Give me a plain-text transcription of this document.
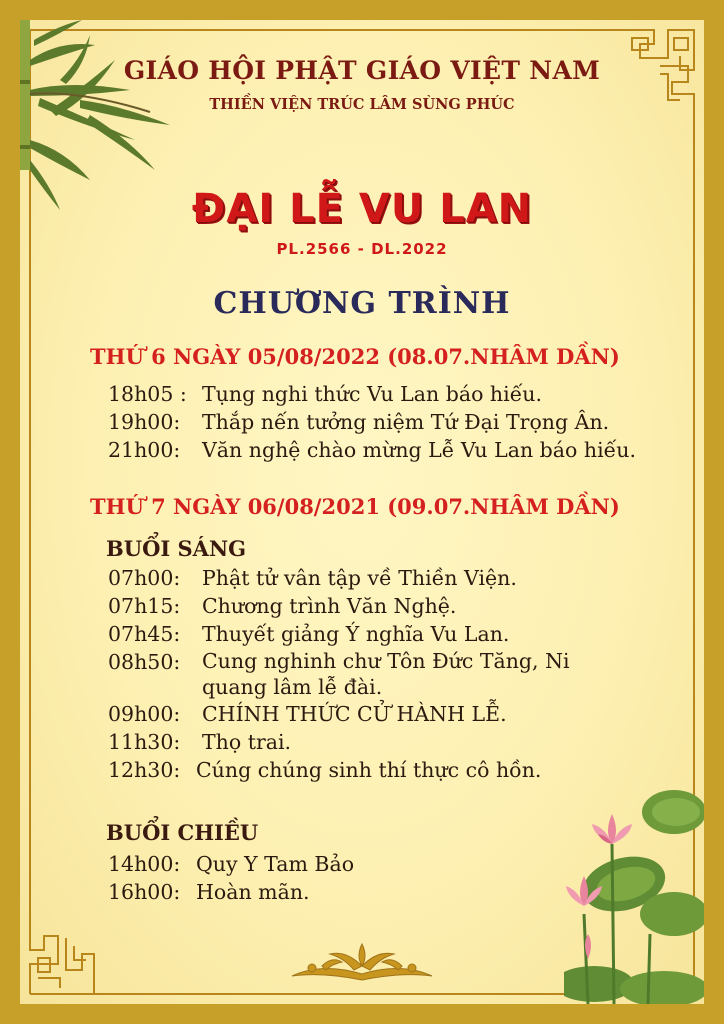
GIÁO HỘI PHẬT GIÁO VIỆT NAM

THIỀN VIỆN TRÚC LÂM SÙNG PHÚC

ĐẠI LỄ VU LAN

PL.2566 - DL.2022

CHƯƠNG TRÌNH

THỨ 6 NGÀY 05/08/2022 (08.07.NHÂM DẦN)

18h05 : Tụng nghi thức Vu Lan báo hiếu.
19h00: Thắp nến tưởng niệm Tứ Đại Trọng Ân.
21h00: Văn nghệ chào mừng Lễ Vu Lan báo hiếu.

THỨ 7 NGÀY 06/08/2021 (09.07.NHÂM DẦN)

BUỔI SÁNG

07h00: Phật tử vân tập về Thiền Viện.
07h15: Chương trình Văn Nghệ.
07h45: Thuyết giảng Ý nghĩa Vu Lan.
08h50: Cung nghinh chư Tôn Đức Tăng, Ni quang lâm lễ đài.
09h00: CHÍNH THỨC CỬ HÀNH LỄ.
11h30: Thọ trai.
12h30: Cúng chúng sinh thí thực cô hồn.

BUỔI CHIỀU

14h00: Quy Y Tam Bảo
16h00: Hoàn mãn.
